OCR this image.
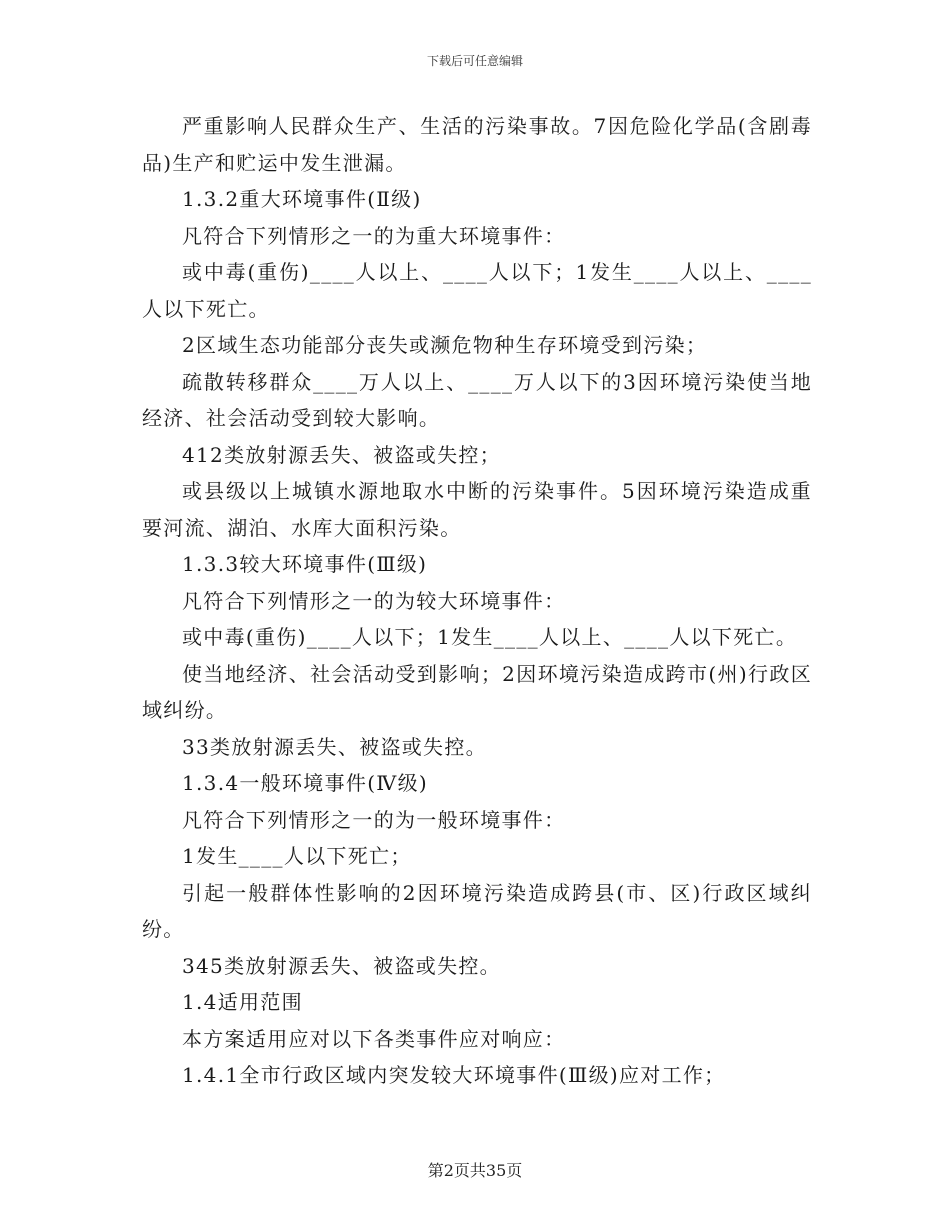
下载后可任意编辑

严重影响人民群众生产、生活的污染事故。7因危险化学品(含剧毒品)生产和贮运中发生泄漏。

1.3.2重大环境事件(Ⅱ级)

凡符合下列情形之一的为重大环境事件：

或中毒(重伤)____人以上、____人以下；1发生____人以上、____人以下死亡。

2区域生态功能部分丧失或濒危物种生存环境受到污染；

疏散转移群众____万人以上、____万人以下的3因环境污染使当地经济、社会活动受到较大影响。

412类放射源丢失、被盗或失控；

或县级以上城镇水源地取水中断的污染事件。5因环境污染造成重要河流、湖泊、水库大面积污染。

1.3.3较大环境事件(Ⅲ级)

凡符合下列情形之一的为较大环境事件：

或中毒(重伤)____人以下；1发生____人以上、____人以下死亡。

使当地经济、社会活动受到影响；2因环境污染造成跨市(州)行政区域纠纷。

33类放射源丢失、被盗或失控。

1.3.4一般环境事件(Ⅳ级)

凡符合下列情形之一的为一般环境事件：

1发生____人以下死亡；

引起一般群体性影响的2因环境污染造成跨县(市、区)行政区域纠纷。

345类放射源丢失、被盗或失控。

1.4适用范围

本方案适用应对以下各类事件应对响应：

1.4.1全市行政区域内突发较大环境事件(Ⅲ级)应对工作；

第2页共35页
